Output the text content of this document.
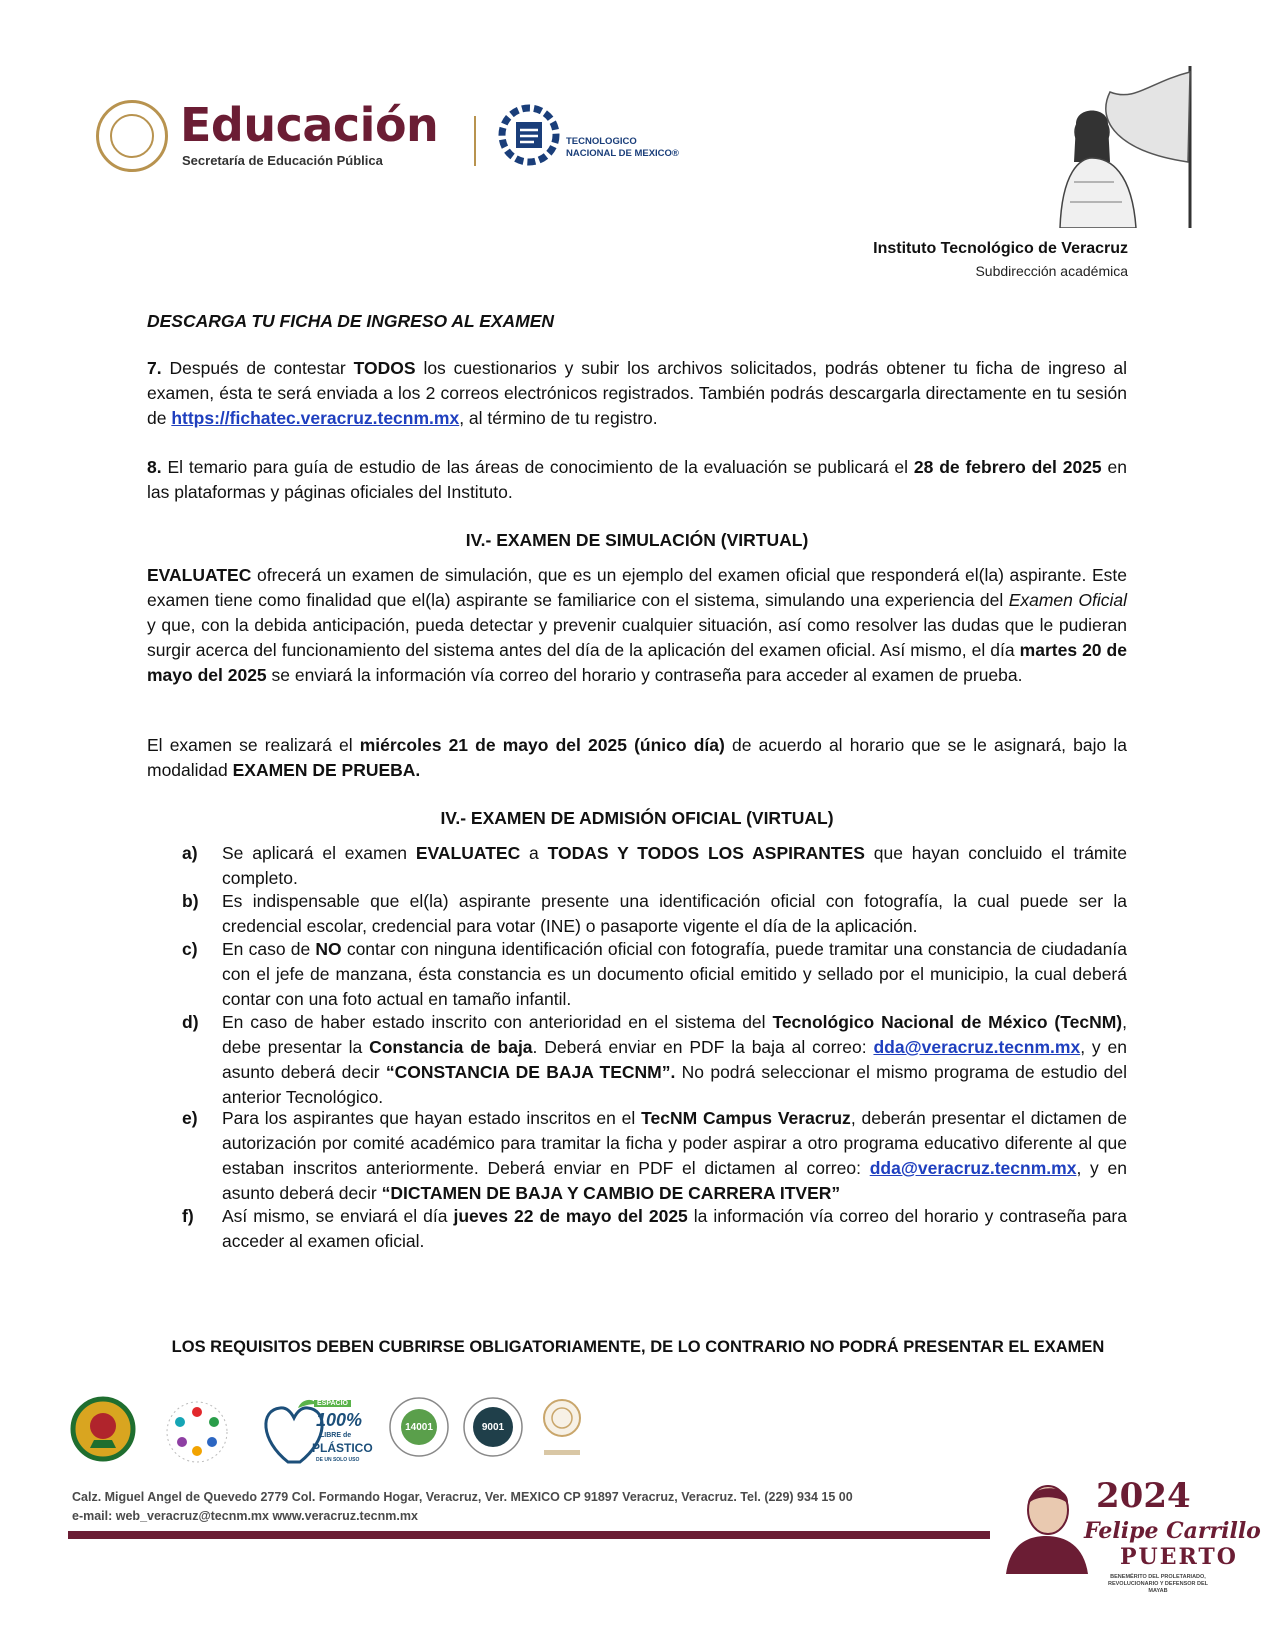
Educación
Secretaría de Educación Pública
TECNOLOGICO
NACIONAL DE MEXICO®
Instituto Tecnológico de Veracruz
Subdirección académica

DESCARGA TU FICHA DE INGRESO AL EXAMEN

7. Después de contestar TODOS los cuestionarios y subir los archivos solicitados, podrás obtener tu ficha de ingreso al examen, ésta te será enviada a los 2 correos electrónicos registrados. También podrás descargarla directamente en tu sesión de https://fichatec.veracruz.tecnm.mx, al término de tu registro.

8. El temario para guía de estudio de las áreas de conocimiento de la evaluación se publicará el 28 de febrero del 2025 en las plataformas y páginas oficiales del Instituto.

IV.- EXAMEN DE SIMULACIÓN (VIRTUAL)

EVALUATEC ofrecerá un examen de simulación, que es un ejemplo del examen oficial que responderá el(la) aspirante. Este examen tiene como finalidad que el(la) aspirante se familiarice con el sistema, simulando una experiencia del Examen Oficial y que, con la debida anticipación, pueda detectar y prevenir cualquier situación, así como resolver las dudas que le pudieran surgir acerca del funcionamiento del sistema antes del día de la aplicación del examen oficial. Así mismo, el día martes 20 de mayo del 2025 se enviará la información vía correo del horario y contraseña para acceder al examen de prueba.

El examen se realizará el miércoles 21 de mayo del 2025 (único día) de acuerdo al horario que se le asignará, bajo la modalidad EXAMEN DE PRUEBA.

IV.- EXAMEN DE ADMISIÓN OFICIAL (VIRTUAL)
a) Se aplicará el examen EVALUATEC a TODAS Y TODOS LOS ASPIRANTES que hayan concluido el trámite completo.

b) Es indispensable que el(la) aspirante presente una identificación oficial con fotografía, la cual puede ser la credencial escolar, credencial para votar (INE) o pasaporte vigente el día de la aplicación.

c) En caso de NO contar con ninguna identificación oficial con fotografía, puede tramitar una constancia de ciudadanía con el jefe de manzana, ésta constancia es un documento oficial emitido y sellado por el municipio, la cual deberá contar con una foto actual en tamaño infantil.

d) En caso de haber estado inscrito con anterioridad en el sistema del Tecnológico Nacional de México (TecNM), debe presentar la Constancia de baja. Deberá enviar en PDF la baja al correo: dda@veracruz.tecnm.mx, y en asunto deberá decir “CONSTANCIA DE BAJA TECNM”. No podrá seleccionar el mismo programa de estudio del anterior Tecnológico.

e) Para los aspirantes que hayan estado inscritos en el TecNM Campus Veracruz, deberán presentar el dictamen de autorización por comité académico para tramitar la ficha y poder aspirar a otro programa educativo diferente al que estaban inscritos anteriormente. Deberá enviar en PDF el dictamen al correo: dda@veracruz.tecnm.mx, y en asunto deberá decir “DICTAMEN DE BAJA Y CAMBIO DE CARRERA ITVER”

f) Así mismo, se enviará el día jueves 22 de mayo del 2025 la información vía correo del horario y contraseña para acceder al examen oficial.

LOS REQUISITOS DEBEN CUBRIRSE OBLIGATORIAMENTE, DE LO CONTRARIO NO PODRÁ PRESENTAR EL EXAMEN
ESPACIO
100%
LIBRE de
PLÁSTICO
DE UN SOLO USO
14001	9001
Calz. Miguel Angel de Quevedo 2779 Col. Formando Hogar, Veracruz, Ver. MEXICO CP 91897 Veracruz, Veracruz. Tel. (229) 934 15 00
e-mail: web_veracruz@tecnm.mx www.veracruz.tecnm.mx	2024
Felipe Carrillo
PUERTO
BENEMÉRITO DEL PROLETARIADO, REVOLUCIONARIO Y DEFENSOR DEL MAYAB
